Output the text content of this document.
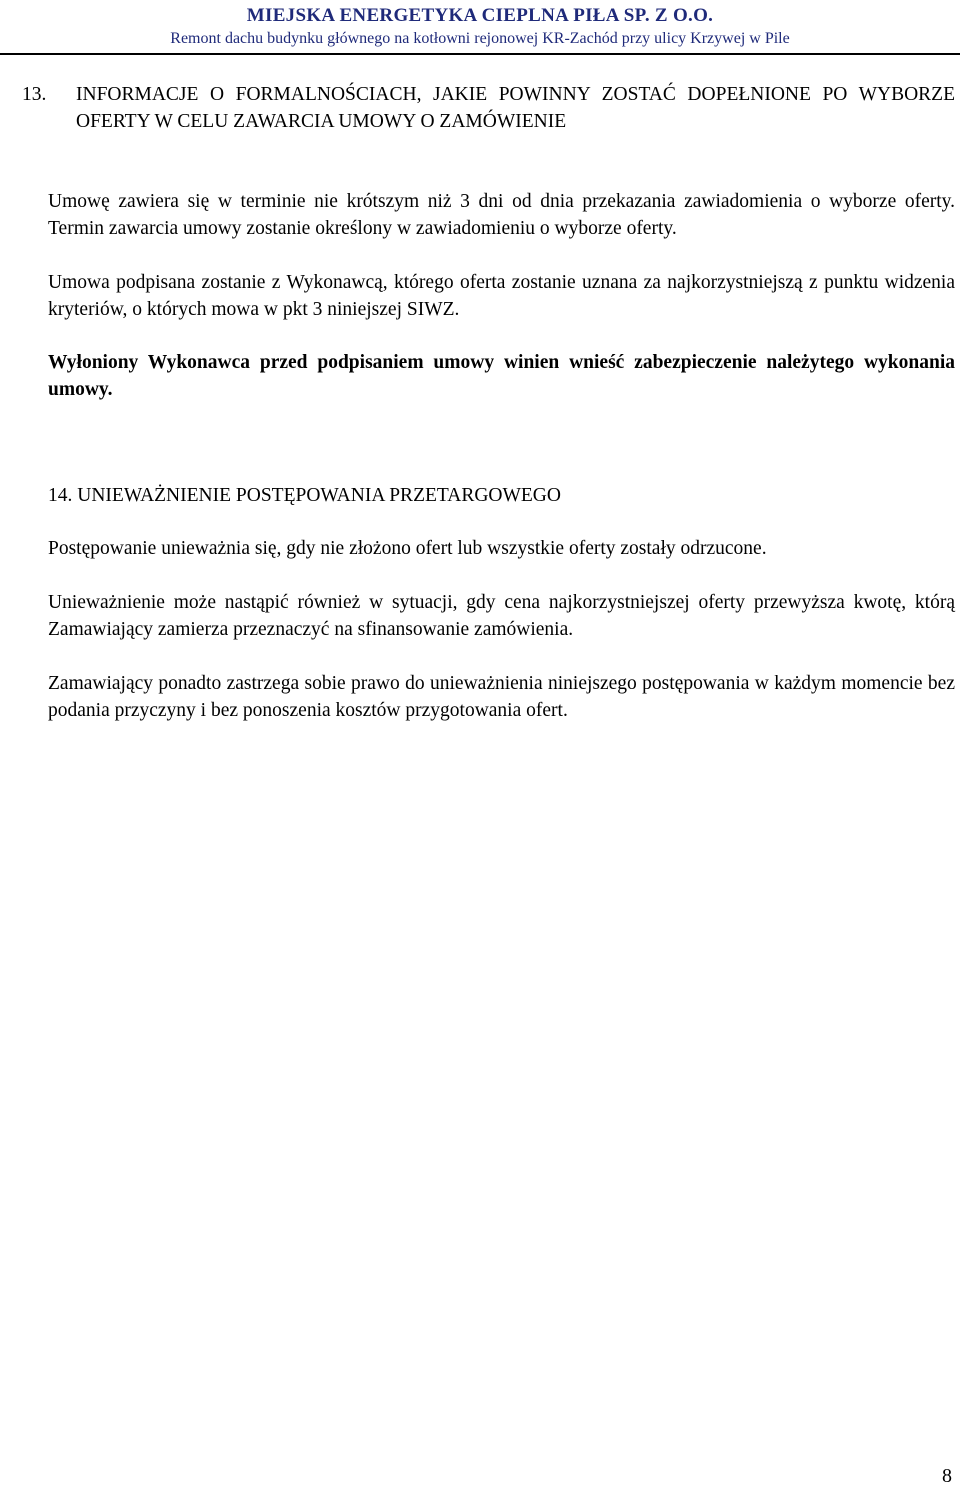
MIEJSKA ENERGETYKA CIEPLNA PIŁA SP. Z O.O.
Remont dachu budynku głównego na kotłowni rejonowej KR-Zachód przy ulicy Krzywej w Pile
13. INFORMACJE O FORMALNOŚCIACH, JAKIE POWINNY ZOSTAĆ DOPEŁNIONE PO WYBORZE OFERTY W CELU ZAWARCIA UMOWY O ZAMÓWIENIE

Umowę zawiera się w terminie nie krótszym niż 3 dni od dnia przekazania zawiadomienia o wyborze oferty. Termin zawarcia umowy zostanie określony w zawiadomieniu o wyborze oferty.

Umowa podpisana zostanie z Wykonawcą, którego oferta zostanie uznana za najkorzystniejszą z punktu widzenia kryteriów, o których mowa w pkt 3 niniejszej SIWZ.

Wyłoniony Wykonawca przed podpisaniem umowy winien wnieść zabezpieczenie należytego wykonania umowy.

14. UNIEWAŻNIENIE POSTĘPOWANIA PRZETARGOWEGO

Postępowanie unieważnia się, gdy nie złożono ofert lub wszystkie oferty zostały odrzucone.

Unieważnienie może nastąpić również w sytuacji, gdy cena najkorzystniejszej oferty przewyższa kwotę, którą Zamawiający zamierza przeznaczyć na sfinansowanie zamówienia.

Zamawiający ponadto zastrzega sobie prawo do unieważnienia niniejszego postępowania w każdym momencie bez podania przyczyny i bez ponoszenia kosztów przygotowania ofert.

8
